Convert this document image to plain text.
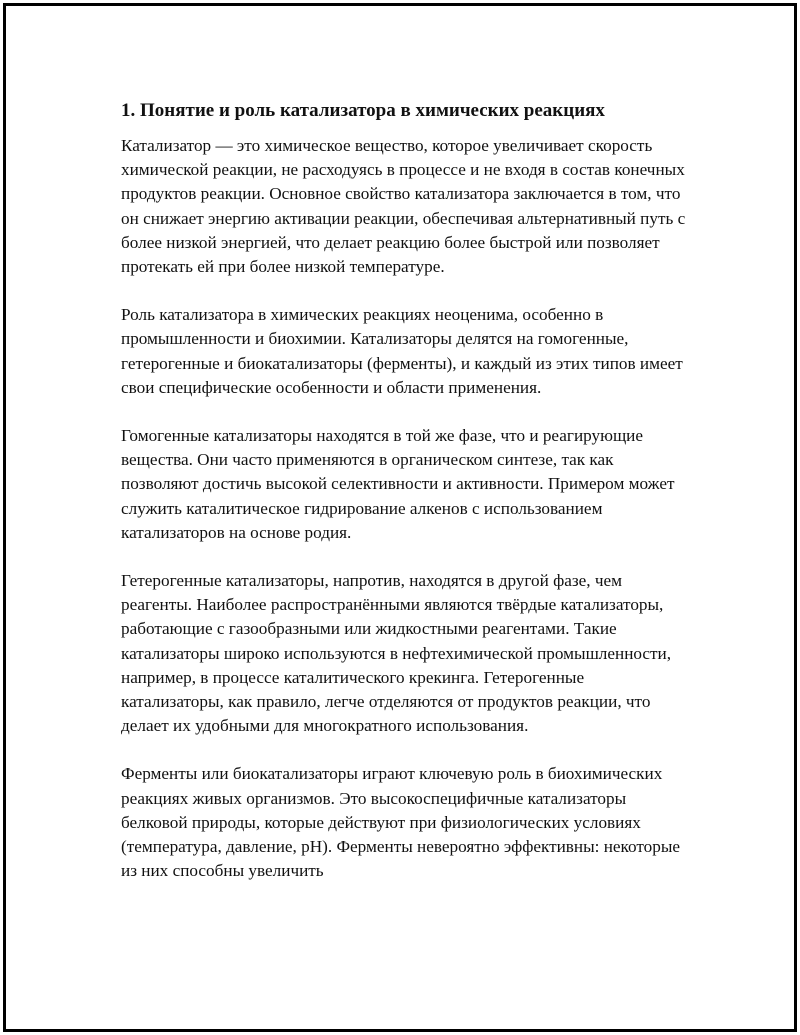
1. Понятие и роль катализатора в химических реакциях

Катализатор — это химическое вещество, которое увеличивает скорость химической реакции, не расходуясь в процессе и не входя в состав конечных продуктов реакции. Основное свойство катализатора заключается в том, что он снижает энергию активации реакции, обеспечивая альтернативный путь с более низкой энергией, что делает реакцию более быстрой или позволяет протекать ей при более низкой температуре.

Роль катализатора в химических реакциях неоценима, особенно в промышленности и биохимии. Катализаторы делятся на гомогенные, гетерогенные и биокатализаторы (ферменты), и каждый из этих типов имеет свои специфические особенности и области применения.

Гомогенные катализаторы находятся в той же фазе, что и реагирующие вещества. Они часто применяются в органическом синтезе, так как позволяют достичь высокой селективности и активности. Примером может служить каталитическое гидрирование алкенов с использованием катализаторов на основе родия.

Гетерогенные катализаторы, напротив, находятся в другой фазе, чем реагенты. Наиболее распространёнными являются твёрдые катализаторы, работающие с газообразными или жидкостными реагентами. Такие катализаторы широко используются в нефтехимической промышленности, например, в процессе каталитического крекинга. Гетерогенные катализаторы, как правило, легче отделяются от продуктов реакции, что делает их удобными для многократного использования.

Ферменты или биокатализаторы играют ключевую роль в биохимических реакциях живых организмов. Это высокоспецифичные катализаторы белковой природы, которые действуют при физиологических условиях (температура, давление, pH). Ферменты невероятно эффективны: некоторые из них способны увеличить
